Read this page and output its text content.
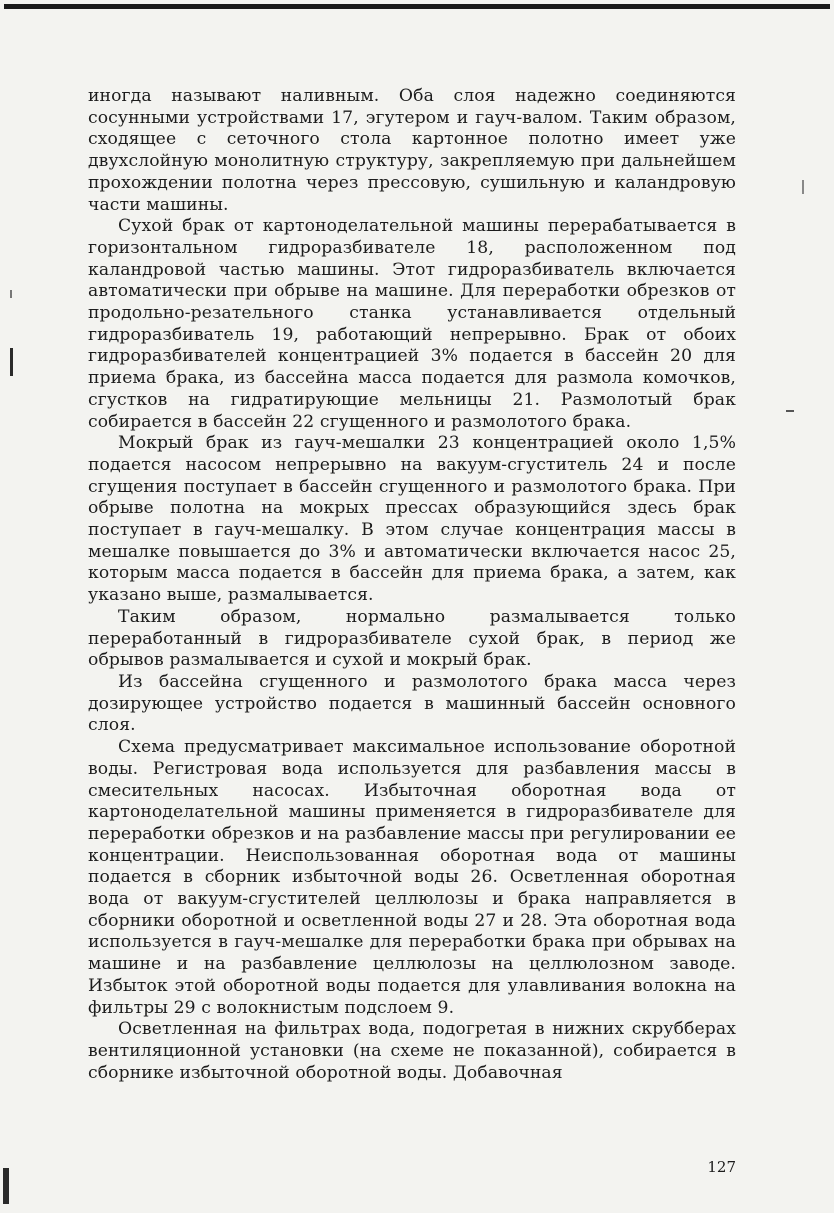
иногда называют наливным. Оба слоя надежно соединяются сосунными устройствами 17, эгутером и гауч-валом. Таким образом, сходящее с сеточного стола картонное полотно имеет уже двухслойную монолитную структуру, закрепляемую при дальнейшем прохождении полотна через прессовую, сушильную и каландровую части машины.

Сухой брак от картоноделательной машины перерабатывается в горизонтальном гидроразбивателе 18, расположенном под каландровой частью машины. Этот гидроразбиватель включается автоматически при обрыве на машине. Для переработки обрезков от продольно-резательного станка устанавливается отдельный гидроразбиватель 19, работающий непрерывно. Брак от обоих гидроразбивателей концентрацией 3% подается в бассейн 20 для приема брака, из бассейна масса подается для размола комочков, сгустков на гидратирующие мельницы 21. Размолотый брак собирается в бассейн 22 сгущенного и размолотого брака.

Мокрый брак из гауч-мешалки 23 концентрацией около 1,5% подается насосом непрерывно на вакуум-сгуститель 24 и после сгущения поступает в бассейн сгущенного и размолотого брака. При обрыве полотна на мокрых прессах образующийся здесь брак поступает в гауч-мешалку. В этом случае концентрация массы в мешалке повышается до 3% и автоматически включается насос 25, которым масса подается в бассейн для приема брака, а затем, как указано выше, размалывается.

Таким образом, нормально размалывается только переработанный в гидроразбивателе сухой брак, в период же обрывов размалывается и сухой и мокрый брак.

Из бассейна сгущенного и размолотого брака масса через дозирующее устройство подается в машинный бассейн основного слоя.

Схема предусматривает максимальное использование оборотной воды. Регистровая вода используется для разбавления массы в смесительных насосах. Избыточная оборотная вода от картоноделательной машины применяется в гидроразбивателе для переработки обрезков и на разбавление массы при регулировании ее концентрации. Неиспользованная оборотная вода от машины подается в сборник избыточной воды 26. Осветленная оборотная вода от вакуум-сгустителей целлюлозы и брака направляется в сборники оборотной и осветленной воды 27 и 28. Эта оборотная вода используется в гауч-мешалке для переработки брака при обрывах на машине и на разбавление целлюлозы на целлюлозном заводе. Избыток этой оборотной воды подается для улавливания волокна на фильтры 29 с волокнистым подслоем 9.

Осветленная на фильтрах вода, подогретая в нижних скрубберах вентиляционной установки (на схеме не показанной), собирается в сборнике избыточной оборотной воды. Добавочная

127
